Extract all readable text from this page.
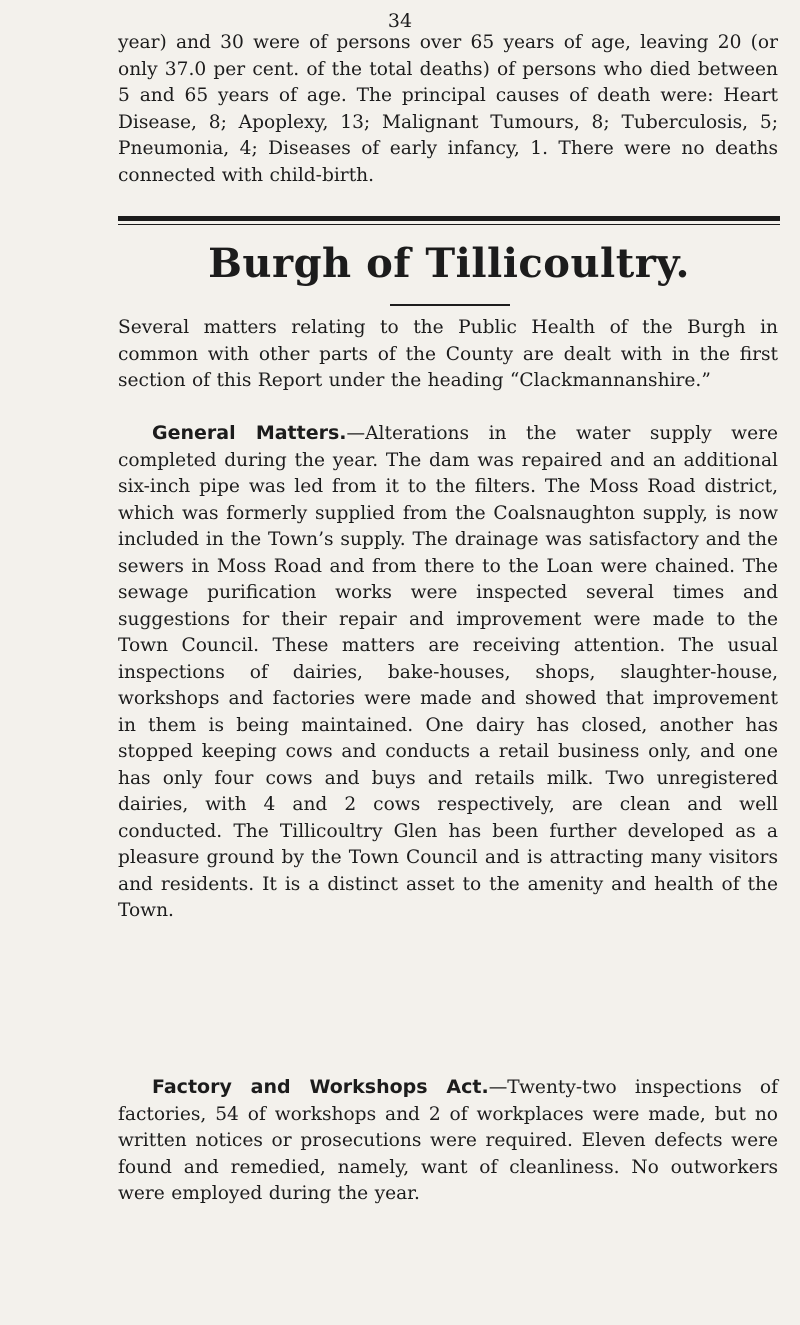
34

year) and 30 were of persons over 65 years of age, leaving 20 (or only 37.0 per cent. of the total deaths) of persons who died between 5 and 65 years of age. The principal causes of death were: Heart Disease, 8; Apoplexy, 13; Malignant Tumours, 8; Tuberculosis, 5; Pneumonia, 4; Diseases of early infancy, 1. There were no deaths connected with child-birth.

Burgh of Tillicoultry.

Several matters relating to the Public Health of the Burgh in common with other parts of the County are dealt with in the first section of this Report under the heading “Clackmannanshire.”

General Matters.—Alterations in the water supply were completed during the year. The dam was repaired and an additional six-inch pipe was led from it to the filters. The Moss Road district, which was formerly supplied from the Coalsnaughton supply, is now included in the Town’s supply. The drainage was satisfactory and the sewers in Moss Road and from there to the Loan were chained. The sewage purification works were inspected several times and suggestions for their repair and improvement were made to the Town Council. These matters are receiving attention. The usual inspections of dairies, bake-houses, shops, slaughter-house, workshops and factories were made and showed that improvement in them is being maintained. One dairy has closed, another has stopped keeping cows and conducts a retail business only, and one has only four cows and buys and retails milk. Two unregistered dairies, with 4 and 2 cows respectively, are clean and well conducted. The Tillicoultry Glen has been further developed as a pleasure ground by the Town Council and is attracting many visitors and residents. It is a distinct asset to the amenity and health of the Town.

Factory and Workshops Act.—Twenty-two inspections of factories, 54 of workshops and 2 of workplaces were made, but no written notices or prosecutions were required. Eleven defects were found and remedied, namely, want of cleanliness. No outworkers were employed during the year.
